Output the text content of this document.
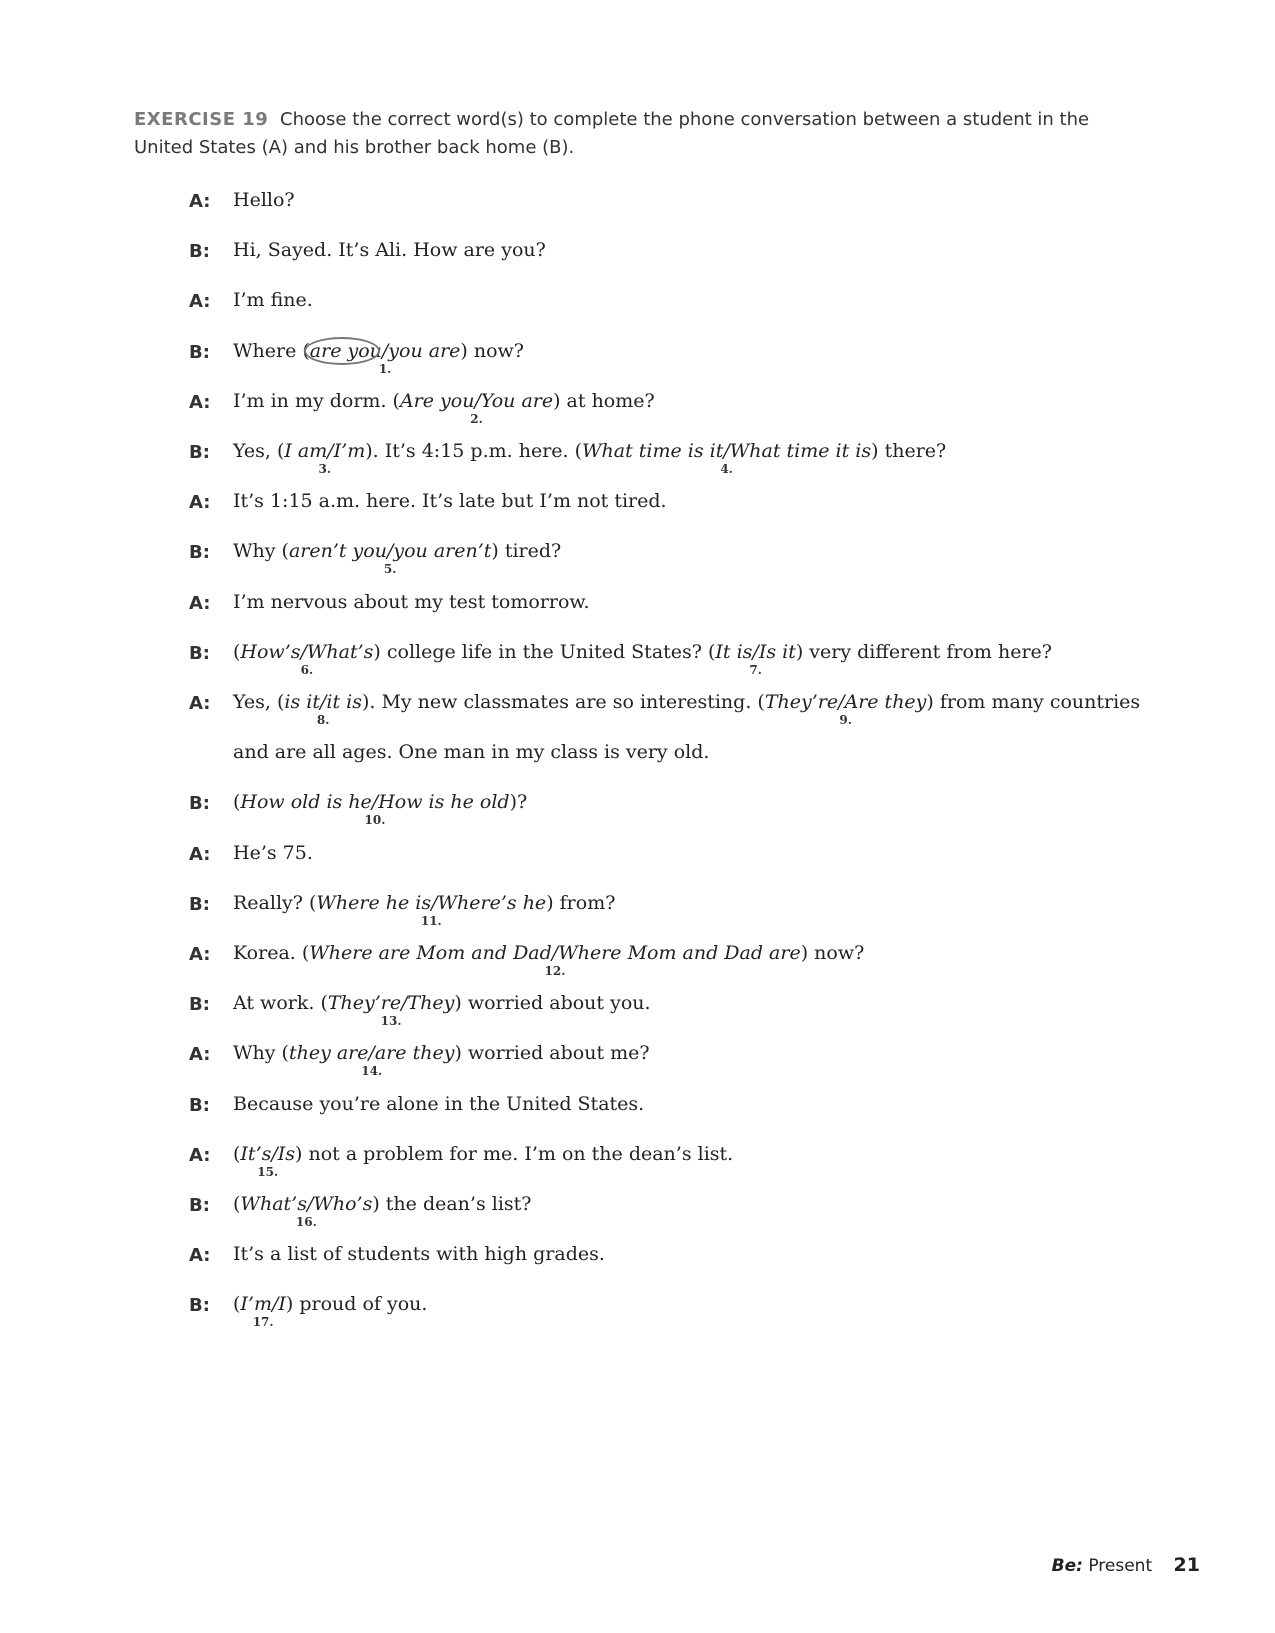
EXERCISE 19 Choose the correct word(s) to complete the phone conversation between a student in the United States (A) and his brother back home (B).
A: Hello?
B: Hi, Sayed. It’s Ali. How are you?
A: I’m fine.
B: Where (are you/you are
1.
) now?
A: I’m in my dorm. (Are you/You are
2.
) at home?
B: Yes, (I am/I’m
3.
). It’s 4:15 p.m. here. (What time is it/What time it is
4.
) there?
A: It’s 1:15 a.m. here. It’s late but I’m not tired.
B: Why (aren’t you/you aren’t
5.
) tired?
A: I’m nervous about my test tomorrow.
B: (How’s/What’s
6.
) college life in the United States? (It is/Is it
7.
) very different from here?
A: Yes, (is it/it is
8.
). My new classmates are so interesting. (They’re/Are they
9.
) from many countries
and are all ages. One man in my class is very old.
B: (How old is he/How is he old
10.
)?
A: He’s 75.
B: Really? (Where he is/Where’s he
11.
) from?
A: Korea. (Where are Mom and Dad/Where Mom and Dad are
12.
) now?
B: At work. (They’re/They
13.
) worried about you.
A: Why (they are/are they
14.
) worried about me?
B: Because you’re alone in the United States.
A: (It’s/Is
15.
) not a problem for me. I’m on the dean’s list.
B: (What’s/Who’s
16.
) the dean’s list?
A: It’s a list of students with high grades.
B: (I’m/I
17.
) proud of you.
Be: Present 21
